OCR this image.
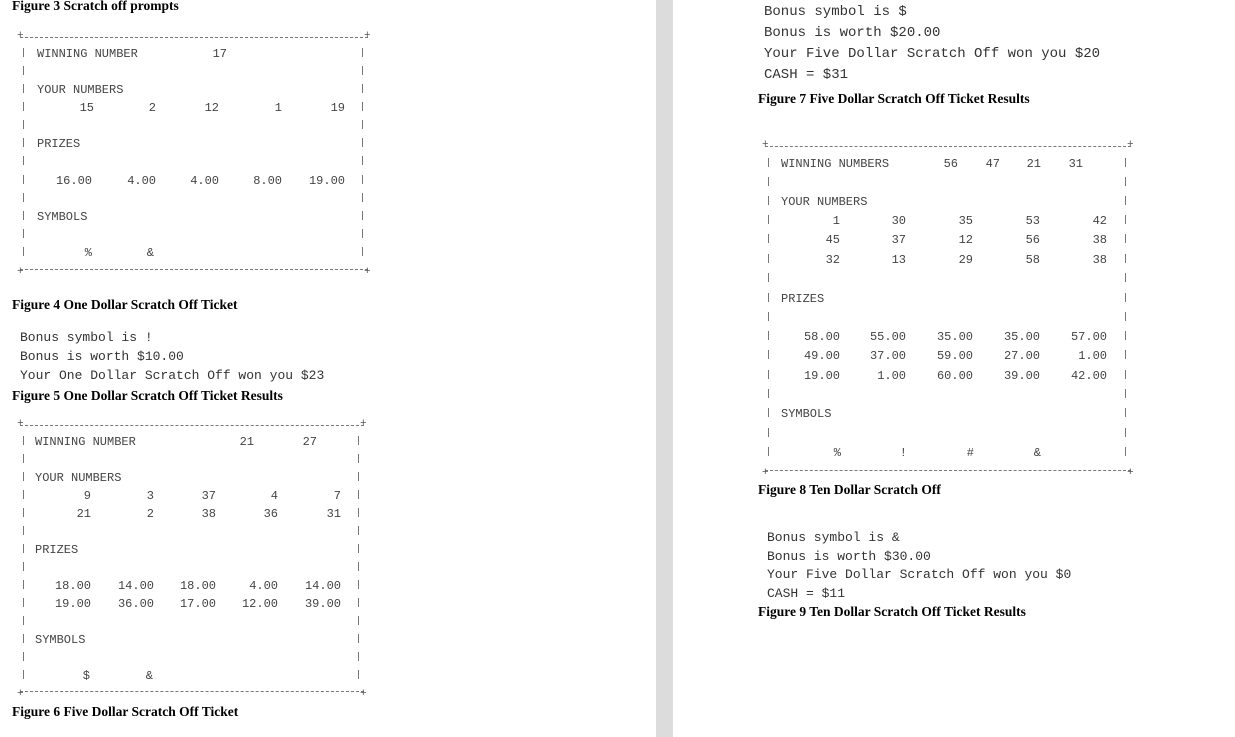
Figure 3 Scratch off prompts
+	+
+	+
WINNING NUMBER	17
YOUR NUMBERS
15	2	12	1	19
PRIZES
16.00	4.00	4.00	8.00	19.00
SYMBOLS
%	&
Figure 4 One Dollar Scratch Off Ticket
Bonus symbol is !
Bonus is worth $10.00
Your One Dollar Scratch Off won you $23
Figure 5 One Dollar Scratch Off Ticket Results
+	+
+	+
WINNING NUMBER	21	27
YOUR NUMBERS
9	3	37	4	7
21	2	38	36	31
PRIZES
18.00	14.00	18.00	4.00	14.00
19.00	36.00	17.00	12.00	39.00
SYMBOLS
$	&
Figure 6 Five Dollar Scratch Off Ticket
Bonus symbol is $
Bonus is worth $20.00
Your Five Dollar Scratch Off won you $20
CASH = $31
Figure 7 Five Dollar Scratch Off Ticket Results
+	+
+	+
WINNING NUMBERS	56	47	21	31
YOUR NUMBERS
1	30	35	53	42
45	37	12	56	38
32	13	29	58	38
PRIZES
58.00	55.00	35.00	35.00	57.00
49.00	37.00	59.00	27.00	1.00
19.00	1.00	60.00	39.00	42.00
SYMBOLS
%	!	#	&
Figure 8 Ten Dollar Scratch Off
Bonus symbol is &
Bonus is worth $30.00
Your Five Dollar Scratch Off won you $0
CASH = $11
Figure 9 Ten Dollar Scratch Off Ticket Results
